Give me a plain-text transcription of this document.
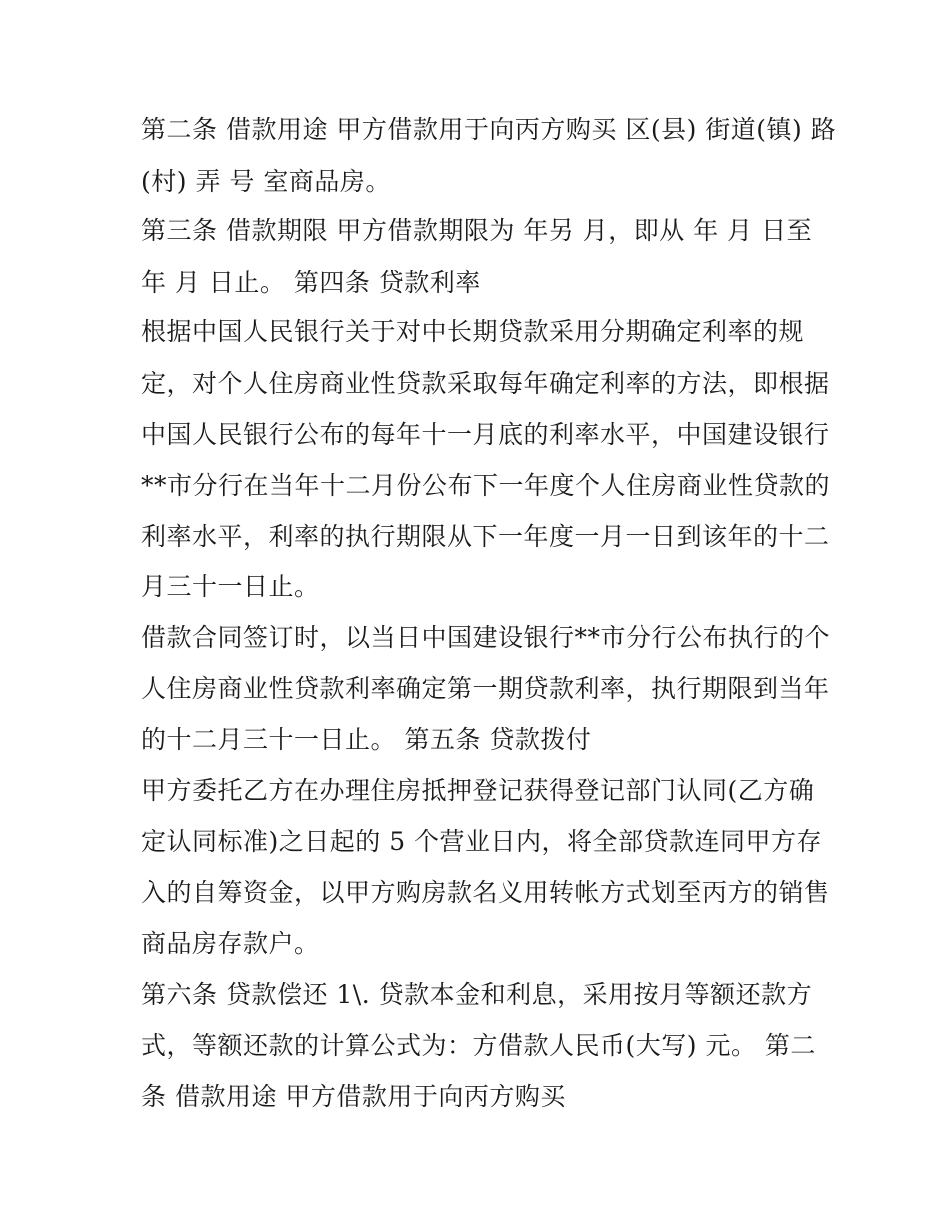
第二条 借款用途 甲方借款用于向丙方购买 区(县) 街道(镇) 路
(村) 弄 号 室商品房。
第三条 借款期限 甲方借款期限为 年另 月，即从 年 月 日至
年 月 日止。 第四条 贷款利率
根据中国人民银行关于对中长期贷款采用分期确定利率的规
定，对个人住房商业性贷款采取每年确定利率的方法，即根据
中国人民银行公布的每年十一月底的利率水平，中国建设银行
**市分行在当年十二月份公布下一年度个人住房商业性贷款的
利率水平，利率的执行期限从下一年度一月一日到该年的十二
月三十一日止。
借款合同签订时，以当日中国建设银行**市分行公布执行的个
人住房商业性贷款利率确定第一期贷款利率，执行期限到当年
的十二月三十一日止。 第五条 贷款拨付
甲方委托乙方在办理住房抵押登记获得登记部门认同(乙方确
定认同标准)之日起的 5 个营业日内，将全部贷款连同甲方存
入的自筹资金，以甲方购房款名义用转帐方式划至丙方的销售
商品房存款户。
第六条 贷款偿还 1\. 贷款本金和利息，采用按月等额还款方
式，等额还款的计算公式为：方借款人民币(大写) 元。 第二
条 借款用途 甲方借款用于向丙方购买
